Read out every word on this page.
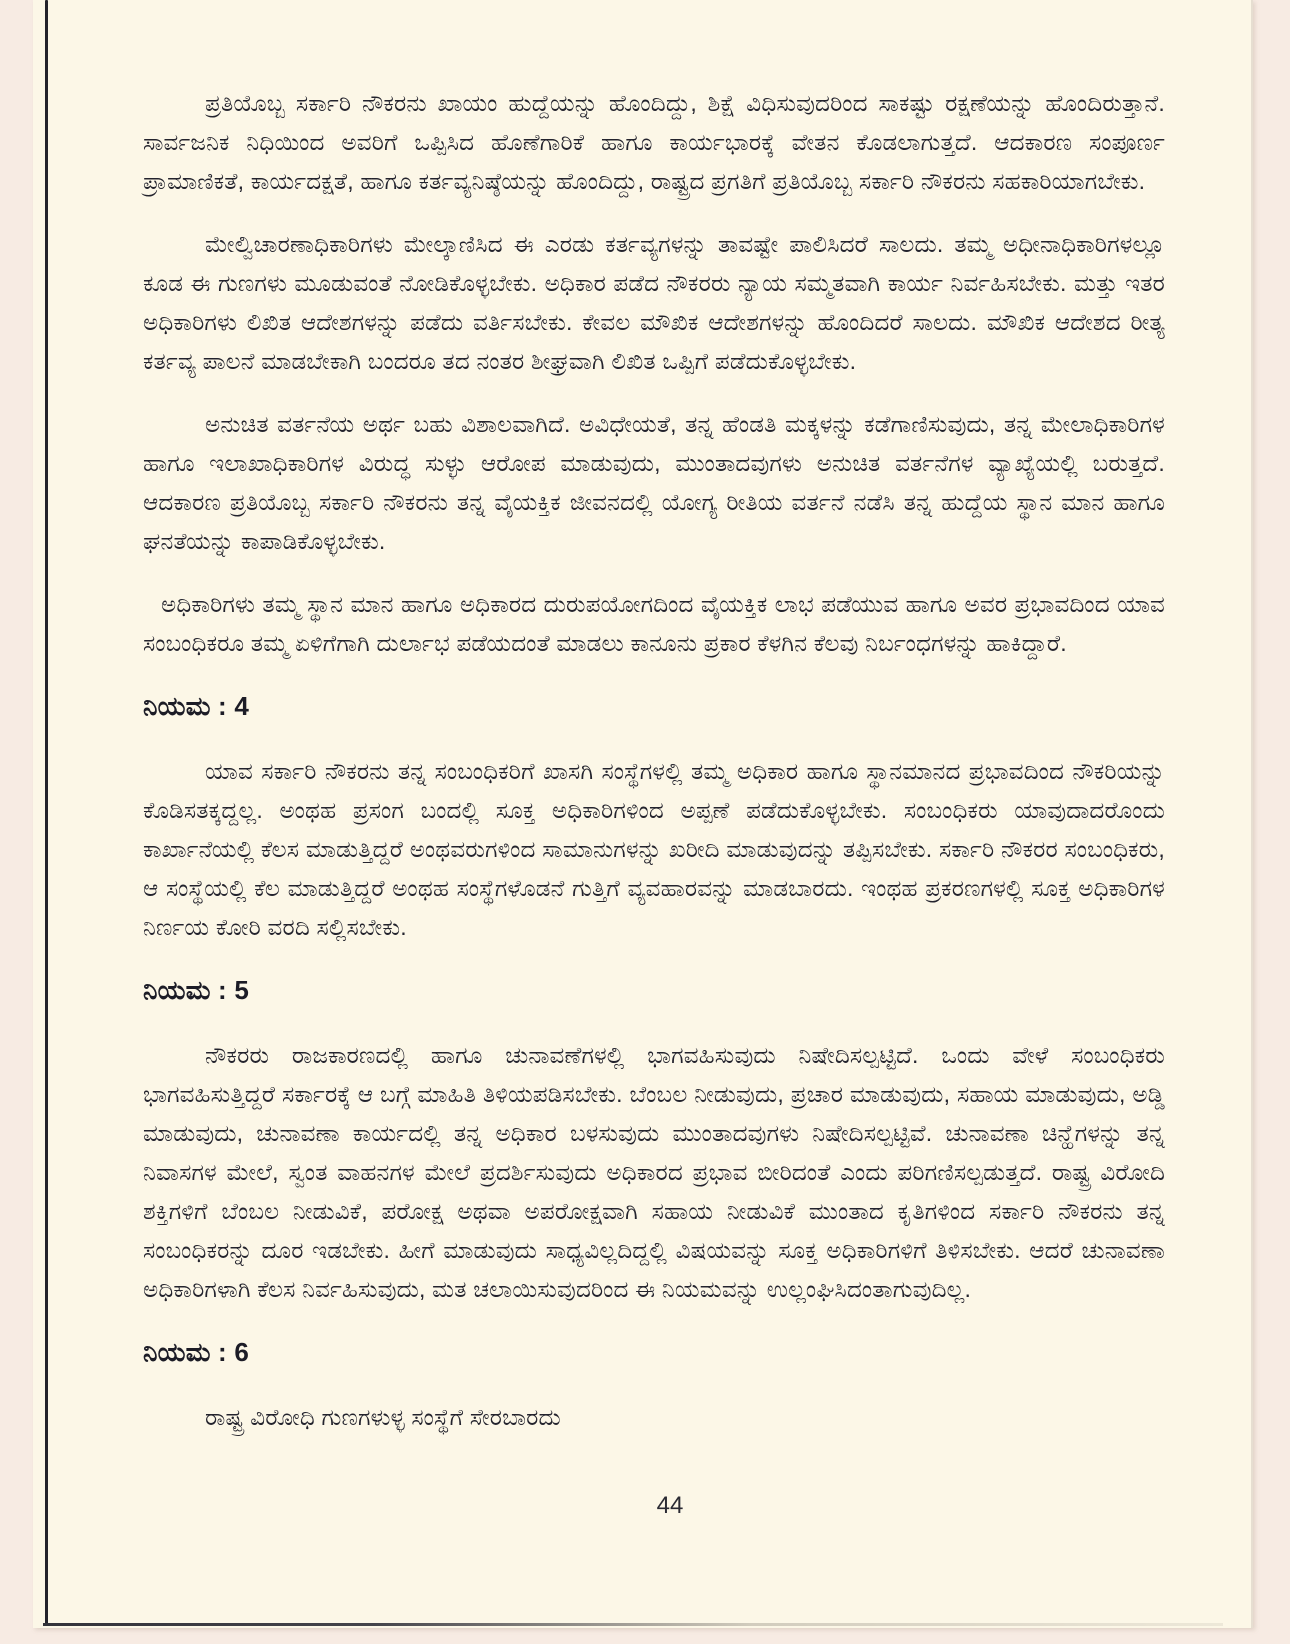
ಪ್ರತಿಯೊಬ್ಬ ಸರ್ಕಾರಿ ನೌಕರನು ಖಾಯಂ ಹುದ್ದೆಯನ್ನು ಹೊಂದಿದ್ದು, ಶಿಕ್ಷೆ ವಿಧಿಸುವುದರಿಂದ ಸಾಕಷ್ಟು ರಕ್ಷಣೆಯನ್ನು ಹೊಂದಿರುತ್ತಾನೆ. ಸಾರ್ವಜನಿಕ ನಿಧಿಯಿಂದ ಅವರಿಗೆ ಒಪ್ಪಿಸಿದ ಹೊಣೆಗಾರಿಕೆ ಹಾಗೂ ಕಾರ್ಯಭಾರಕ್ಕೆ ವೇತನ ಕೊಡಲಾಗುತ್ತದೆ. ಆದಕಾರಣ ಸಂಪೂರ್ಣ ಪ್ರಾಮಾಣಿಕತೆ, ಕಾರ್ಯದಕ್ಷತೆ, ಹಾಗೂ ಕರ್ತವ್ಯನಿಷ್ಠೆಯನ್ನು ಹೊಂದಿದ್ದು, ರಾಷ್ಟ್ರದ ಪ್ರಗತಿಗೆ ಪ್ರತಿಯೊಬ್ಬ ಸರ್ಕಾರಿ ನೌಕರನು ಸಹಕಾರಿಯಾಗಬೇಕು.

ಮೇಲ್ವಿಚಾರಣಾಧಿಕಾರಿಗಳು ಮೇಲ್ಕಾಣಿಸಿದ ಈ ಎರಡು ಕರ್ತವ್ಯಗಳನ್ನು ತಾವಷ್ಟೇ ಪಾಲಿಸಿದರೆ ಸಾಲದು. ತಮ್ಮ ಅಧೀನಾಧಿಕಾರಿಗಳಲ್ಲೂ ಕೂಡ ಈ ಗುಣಗಳು ಮೂಡುವಂತೆ ನೋಡಿಕೊಳ್ಳಬೇಕು. ಅಧಿಕಾರ ಪಡೆದ ನೌಕರರು ನ್ಯಾಯ ಸಮ್ಮತವಾಗಿ ಕಾರ್ಯ ನಿರ್ವಹಿಸಬೇಕು. ಮತ್ತು ಇತರ ಅಧಿಕಾರಿಗಳು ಲಿಖಿತ ಆದೇಶಗಳನ್ನು ಪಡೆದು ವರ್ತಿಸಬೇಕು. ಕೇವಲ ಮೌಖಿಕ ಆದೇಶಗಳನ್ನು ಹೊಂದಿದರೆ ಸಾಲದು. ಮೌಖಿಕ ಆದೇಶದ ರೀತ್ಯ ಕರ್ತವ್ಯ ಪಾಲನೆ ಮಾಡಬೇಕಾಗಿ ಬಂದರೂ ತದ ನಂತರ ಶೀಘ್ರವಾಗಿ ಲಿಖಿತ ಒಪ್ಪಿಗೆ ಪಡೆದುಕೊಳ್ಳಬೇಕು.

ಅನುಚಿತ ವರ್ತನೆಯ ಅರ್ಥ ಬಹು ವಿಶಾಲವಾಗಿದೆ. ಅವಿಧೇಯತೆ, ತನ್ನ ಹೆಂಡತಿ ಮಕ್ಕಳನ್ನು ಕಡೆಗಾಣಿಸುವುದು, ತನ್ನ ಮೇಲಾಧಿಕಾರಿಗಳ ಹಾಗೂ ಇಲಾಖಾಧಿಕಾರಿಗಳ ವಿರುದ್ಧ ಸುಳ್ಳು ಆರೋಪ ಮಾಡುವುದು, ಮುಂತಾದವುಗಳು ಅನುಚಿತ ವರ್ತನೆಗಳ ವ್ಯಾಖ್ಯೆಯಲ್ಲಿ ಬರುತ್ತದೆ. ಆದಕಾರಣ ಪ್ರತಿಯೊಬ್ಬ ಸರ್ಕಾರಿ ನೌಕರನು ತನ್ನ ವೈಯಕ್ತಿಕ ಜೀವನದಲ್ಲಿ ಯೋಗ್ಯ ರೀತಿಯ ವರ್ತನೆ ನಡೆಸಿ ತನ್ನ ಹುದ್ದೆಯ ಸ್ಥಾನ ಮಾನ ಹಾಗೂ ಘನತೆಯನ್ನು ಕಾಪಾಡಿಕೊಳ್ಳಬೇಕು.

ಅಧಿಕಾರಿಗಳು ತಮ್ಮ ಸ್ಥಾನ ಮಾನ ಹಾಗೂ ಅಧಿಕಾರದ ದುರುಪಯೋಗದಿಂದ ವೈಯಕ್ತಿಕ ಲಾಭ ಪಡೆಯುವ ಹಾಗೂ ಅವರ ಪ್ರಭಾವದಿಂದ ಯಾವ ಸಂಬಂಧಿಕರೂ ತಮ್ಮ ಏಳಿಗೆಗಾಗಿ ದುರ್ಲಾಭ ಪಡೆಯದಂತೆ ಮಾಡಲು ಕಾನೂನು ಪ್ರಕಾರ ಕೆಳಗಿನ ಕೆಲವು ನಿರ್ಬಂಧಗಳನ್ನು ಹಾಕಿದ್ದಾರೆ.

ನಿಯಮ : 4

ಯಾವ ಸರ್ಕಾರಿ ನೌಕರನು ತನ್ನ ಸಂಬಂಧಿಕರಿಗೆ ಖಾಸಗಿ ಸಂಸ್ಥೆಗಳಲ್ಲಿ ತಮ್ಮ ಅಧಿಕಾರ ಹಾಗೂ ಸ್ಥಾನಮಾನದ ಪ್ರಭಾವದಿಂದ ನೌಕರಿಯನ್ನು ಕೊಡಿಸತಕ್ಕದ್ದಲ್ಲ. ಅಂಥಹ ಪ್ರಸಂಗ ಬಂದಲ್ಲಿ ಸೂಕ್ತ ಅಧಿಕಾರಿಗಳಿಂದ ಅಪ್ಪಣೆ ಪಡೆದುಕೊಳ್ಳಬೇಕು. ಸಂಬಂಧಿಕರು ಯಾವುದಾದರೊಂದು ಕಾರ್ಖಾನೆಯಲ್ಲಿ ಕೆಲಸ ಮಾಡುತ್ತಿದ್ದರೆ ಅಂಥವರುಗಳಿಂದ ಸಾಮಾನುಗಳನ್ನು ಖರೀದಿ ಮಾಡುವುದನ್ನು ತಪ್ಪಿಸಬೇಕು. ಸರ್ಕಾರಿ ನೌಕರರ ಸಂಬಂಧಿಕರು, ಆ ಸಂಸ್ಥೆಯಲ್ಲಿ ಕೆಲ ಮಾಡುತ್ತಿದ್ದರೆ ಅಂಥಹ ಸಂಸ್ಥೆಗಳೊಡನೆ ಗುತ್ತಿಗೆ ವ್ಯವಹಾರವನ್ನು ಮಾಡಬಾರದು. ಇಂಥಹ ಪ್ರಕರಣಗಳಲ್ಲಿ ಸೂಕ್ತ ಅಧಿಕಾರಿಗಳ ನಿರ್ಣಯ ಕೋರಿ ವರದಿ ಸಲ್ಲಿಸಬೇಕು.

ನಿಯಮ : 5

ನೌಕರರು ರಾಜಕಾರಣದಲ್ಲಿ ಹಾಗೂ ಚುನಾವಣೆಗಳಲ್ಲಿ ಭಾಗವಹಿಸುವುದು ನಿಷೇದಿಸಲ್ಪಟ್ಟಿದೆ. ಒಂದು ವೇಳೆ ಸಂಬಂಧಿಕರು ಭಾಗವಹಿಸುತ್ತಿದ್ದರೆ ಸರ್ಕಾರಕ್ಕೆ ಆ ಬಗ್ಗೆ ಮಾಹಿತಿ ತಿಳಿಯಪಡಿಸಬೇಕು. ಬೆಂಬಲ ನೀಡುವುದು, ಪ್ರಚಾರ ಮಾಡುವುದು, ಸಹಾಯ ಮಾಡುವುದು, ಅಡ್ಡಿ ಮಾಡುವುದು, ಚುನಾವಣಾ ಕಾರ್ಯದಲ್ಲಿ ತನ್ನ ಅಧಿಕಾರ ಬಳಸುವುದು ಮುಂತಾದವುಗಳು ನಿಷೇದಿಸಲ್ಪಟ್ಟಿವೆ. ಚುನಾವಣಾ ಚಿನ್ಹೆಗಳನ್ನು ತನ್ನ ನಿವಾಸಗಳ ಮೇಲೆ, ಸ್ವಂತ ವಾಹನಗಳ ಮೇಲೆ ಪ್ರದರ್ಶಿಸುವುದು ಅಧಿಕಾರದ ಪ್ರಭಾವ ಬೀರಿದಂತೆ ಎಂದು ಪರಿಗಣಿಸಲ್ಪಡುತ್ತದೆ. ರಾಷ್ಟ್ರ ವಿರೋದಿ ಶಕ್ತಿಗಳಿಗೆ ಬೆಂಬಲ ನೀಡುವಿಕೆ, ಪರೋಕ್ಷ ಅಥವಾ ಅಪರೋಕ್ಷವಾಗಿ ಸಹಾಯ ನೀಡುವಿಕೆ ಮುಂತಾದ ಕೃತಿಗಳಿಂದ ಸರ್ಕಾರಿ ನೌಕರನು ತನ್ನ ಸಂಬಂಧಿಕರನ್ನು ದೂರ ಇಡಬೇಕು. ಹೀಗೆ ಮಾಡುವುದು ಸಾಧ್ಯವಿಲ್ಲದಿದ್ದಲ್ಲಿ ವಿಷಯವನ್ನು ಸೂಕ್ತ ಅಧಿಕಾರಿಗಳಿಗೆ ತಿಳಿಸಬೇಕು. ಆದರೆ ಚುನಾವಣಾ ಅಧಿಕಾರಿಗಳಾಗಿ ಕೆಲಸ ನಿರ್ವಹಿಸುವುದು, ಮತ ಚಲಾಯಿಸುವುದರಿಂದ ಈ ನಿಯಮವನ್ನು ಉಲ್ಲಂಘಿಸಿದಂತಾಗುವುದಿಲ್ಲ.

ನಿಯಮ : 6

ರಾಷ್ಟ್ರ ವಿರೋಧಿ ಗುಣಗಳುಳ್ಳ ಸಂಸ್ಥೆಗೆ ಸೇರಬಾರದು

44
